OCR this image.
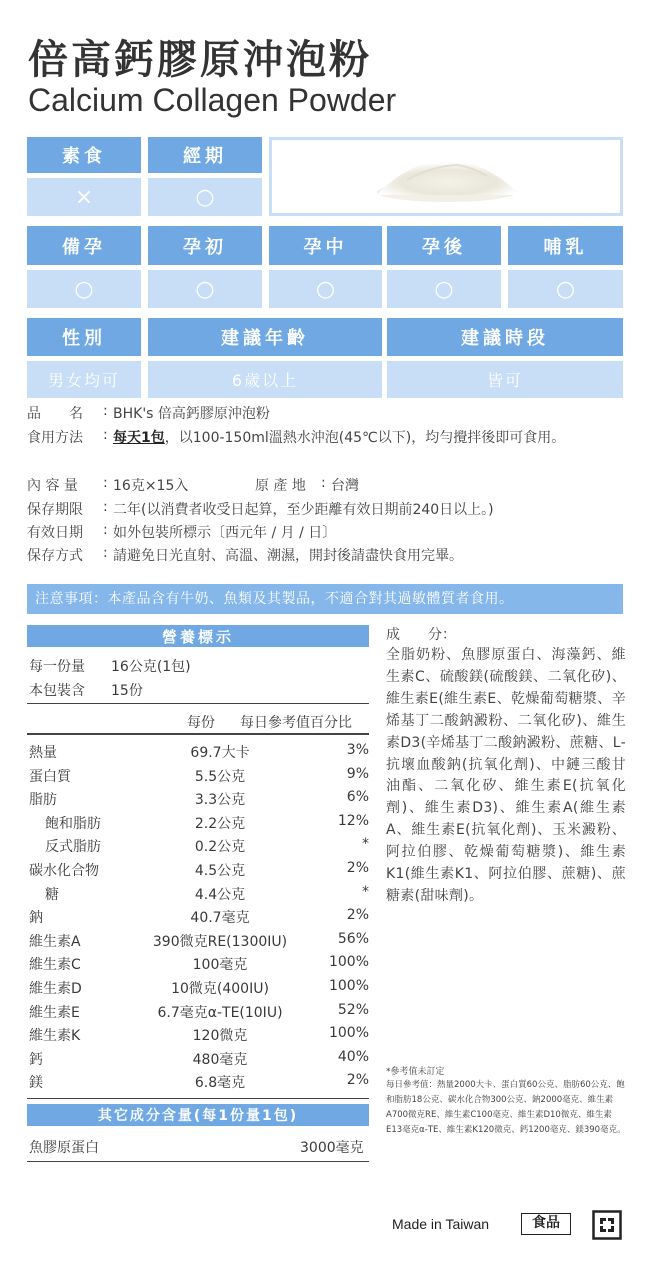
倍高鈣膠原沖泡粉
Calcium Collagen Powder
素食	經期
×	○
備孕	孕初	孕中	孕後	哺乳
○	○	○	○	○
性別	建議年齡	建議時段
男女均可	6歲以上	皆可
品　　名 : BHK's 倍高鈣膠原沖泡粉
食用方法 : 每天1包，以100-150ml溫熱水沖泡(45℃以下)，均勻攪拌後即可食用。
內 容 量 : 16克×15入	原 產 地 : 台灣
保存期限 : 二年(以消費者收受日起算，至少距離有效日期前240日以上。)
有效日期 : 如外包裝所標示〔西元年 / 月 / 日〕
保存方式 : 請避免日光直射、高溫、潮濕，開封後請盡快食用完畢。
注意事項：本產品含有牛奶、魚類及其製品，不適合對其過敏體質者食用。
營養標示
每一份量 16公克(1包)
本包裝含 15份
每份 每日參考值百分比
熱量	69.7大卡	3%
蛋白質	5.5公克	9%
脂肪	3.3公克	6%
飽和脂肪	2.2公克	12%
反式脂肪	0.2公克	*
碳水化合物	4.5公克	2%
糖	4.4公克	*
鈉	40.7毫克	2%
維生素A	390微克RE(1300IU)	56%
維生素C	100毫克	100%
維生素D	10微克(400IU)	100%
維生素E	6.7毫克α-TE(10IU)	52%
維生素K	120微克	100%
鈣	480毫克	40%
鎂	6.8毫克	2%
其它成分含量(每1份量1包)
魚膠原蛋白	3000毫克
成　　分：
全脂奶粉、魚膠原蛋白、海藻鈣、維生素C、硫酸鎂(硫酸鎂、二氧化矽)、維生素E(維生素E、乾燥葡萄糖漿、辛烯基丁二酸鈉澱粉、二氧化矽)、維生素D3(辛烯基丁二酸鈉澱粉、蔗糖、L-抗壞血酸鈉(抗氧化劑)、中鏈三酸甘油酯、二氧化矽、維生素E(抗氧化劑)、維生素D3)、維生素A(維生素A、維生素E(抗氧化劑)、玉米澱粉、阿拉伯膠、乾燥葡萄糖漿)、維生素K1(維生素K1、阿拉伯膠、蔗糖)、蔗糖素(甜味劑)。
*參考值未訂定
每日參考值：熱量2000大卡、蛋白質60公克、脂肪60公克、飽和脂肪18公克、碳水化合物300公克、鈉2000毫克、維生素A700微克RE、維生素C100毫克、維生素D10微克、維生素E13毫克α-TE、維生素K120微克、鈣1200毫克、鎂390毫克。
Made in Taiwan	食品
